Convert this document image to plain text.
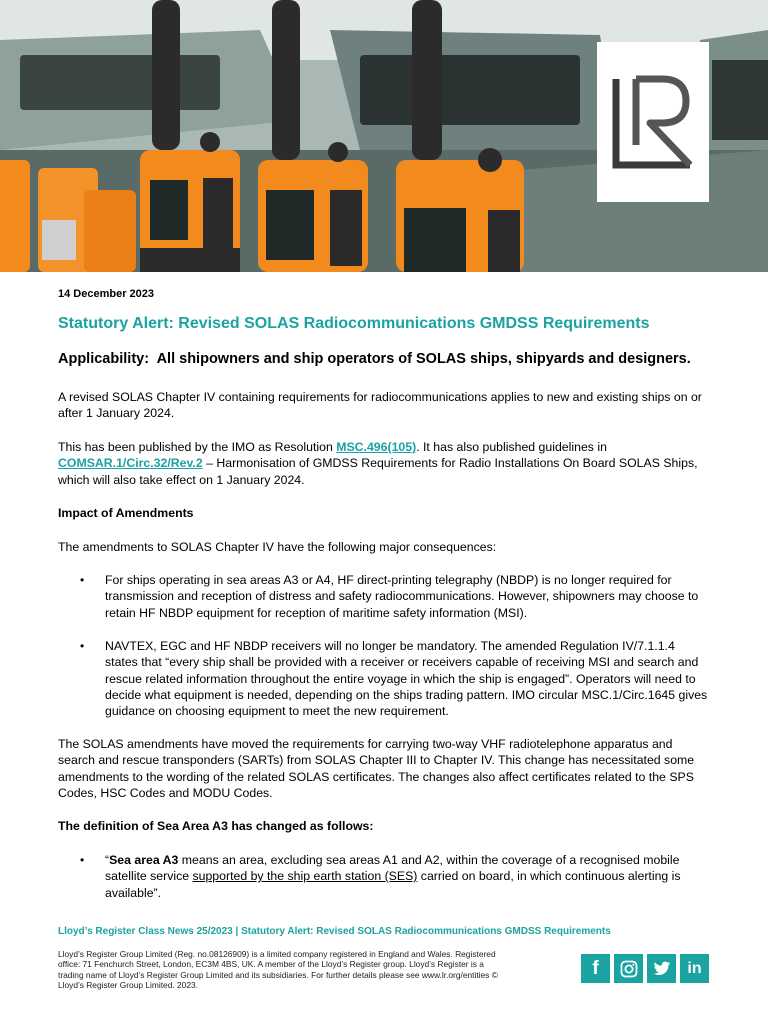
14 December 2023
Statutory Alert: Revised SOLAS Radiocommunications GMDSS Requirements

Applicability: All shipowners and ship operators of SOLAS ships, shipyards and designers.

A revised SOLAS Chapter IV containing requirements for radiocommunications applies to new and existing ships on or after 1 January 2024.

This has been published by the IMO as Resolution MSC.496(105). It has also published guidelines in COMSAR.1/Circ.32/Rev.2 – Harmonisation of GMDSS Requirements for Radio Installations On Board SOLAS Ships, which will also take effect on 1 January 2024.

Impact of Amendments

The amendments to SOLAS Chapter IV have the following major consequences:

• For ships operating in sea areas A3 or A4, HF direct-printing telegraphy (NBDP) is no longer required for transmission and reception of distress and safety radiocommunications. However, shipowners may choose to retain HF NBDP equipment for reception of maritime safety information (MSI).
• NAVTEX, EGC and HF NBDP receivers will no longer be mandatory. The amended Regulation IV/7.1.1.4 states that “every ship shall be provided with a receiver or receivers capable of receiving MSI and search and rescue related information throughout the entire voyage in which the ship is engaged”. Operators will need to decide what equipment is needed, depending on the ships trading pattern. IMO circular MSC.1/Circ.1645 gives guidance on choosing equipment to meet the new requirement.

The SOLAS amendments have moved the requirements for carrying two-way VHF radiotelephone apparatus and search and rescue transponders (SARTs) from SOLAS Chapter III to Chapter IV. This change has necessitated some amendments to the wording of the related SOLAS certificates. The changes also affect certificates related to the SPS Codes, HSC Codes and MODU Codes.

The definition of Sea Area A3 has changed as follows:

• “Sea area A3 means an area, excluding sea areas A1 and A2, within the coverage of a recognised mobile satellite service supported by the ship earth station (SES) carried on board, in which continuous alerting is available”.
Lloyd’s Register Class News 25/2023 | Statutory Alert: Revised SOLAS Radiocommunications GMDSS Requirements
Lloyd’s Register Group Limited (Reg. no.08126909) is a limited company registered in England and Wales. Registered office: 71 Fenchurch Street, London, EC3M 4BS, UK. A member of the Lloyd’s Register group. Lloyd’s Register is a trading name of Lloyd’s Register Group Limited and its subsidiaries. For further details please see www.lr.org/entities © Lloyd’s Register Group Limited. 2023.
f	in
